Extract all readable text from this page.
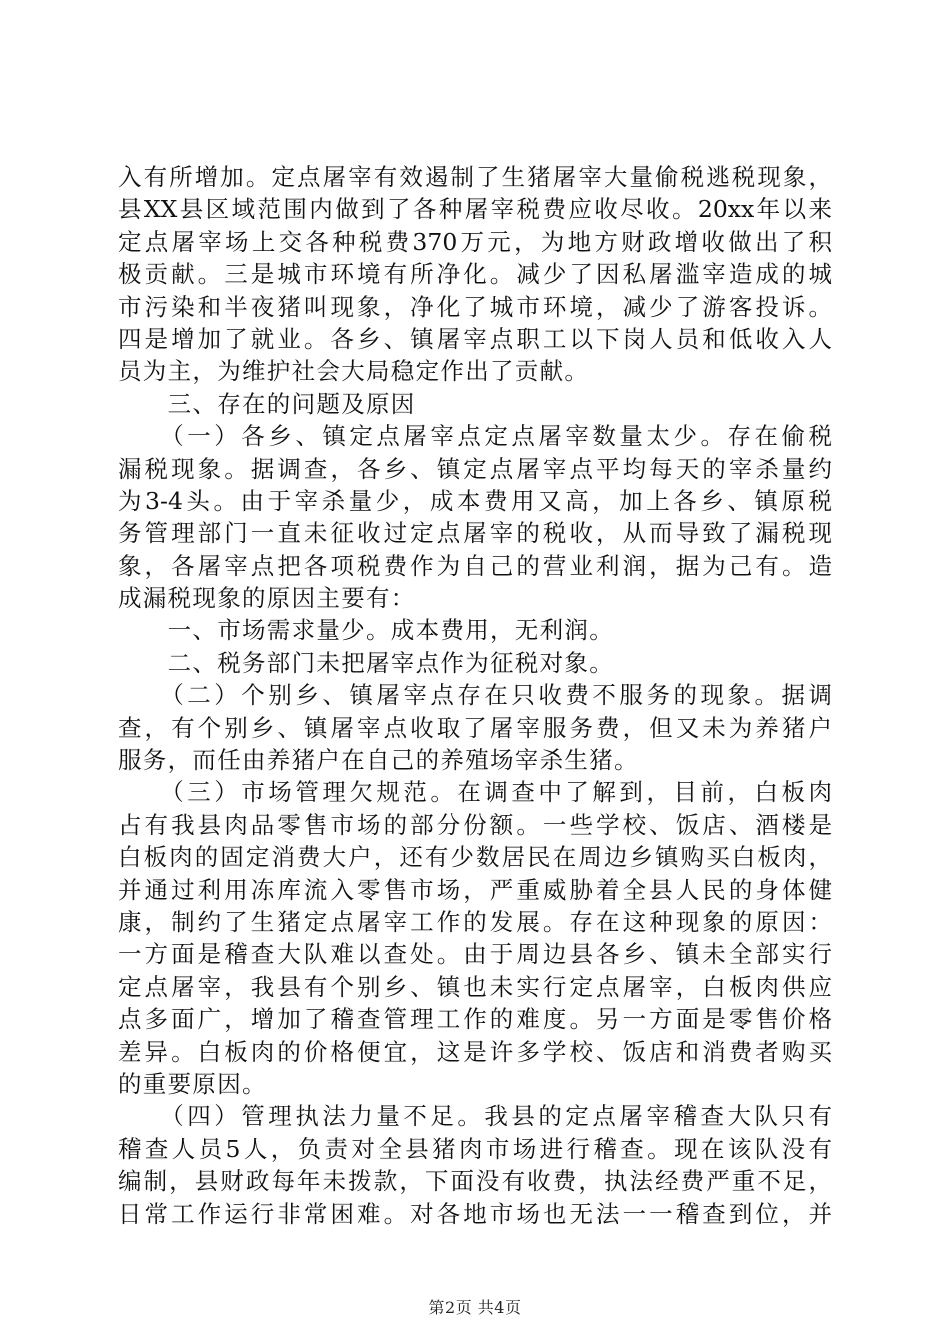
入有所增加。定点屠宰有效遏制了生猪屠宰大量偷税逃税现象，
县XX县区域范围内做到了各种屠宰税费应收尽收。20xx年以来
定点屠宰场上交各种税费370万元，为地方财政增收做出了积
极贡献。三是城市环境有所净化。减少了因私屠滥宰造成的城
市污染和半夜猪叫现象，净化了城市环境，减少了游客投诉。
四是增加了就业。各乡、镇屠宰点职工以下岗人员和低收入人
员为主，为维护社会大局稳定作出了贡献。
　　三、存在的问题及原因
　　（一）各乡、镇定点屠宰点定点屠宰数量太少。存在偷税
漏税现象。据调查，各乡、镇定点屠宰点平均每天的宰杀量约
为3-4头。由于宰杀量少，成本费用又高，加上各乡、镇原税
务管理部门一直未征收过定点屠宰的税收，从而导致了漏税现
象，各屠宰点把各项税费作为自己的营业利润，据为己有。造
成漏税现象的原因主要有：
　　一、市场需求量少。成本费用，无利润。
　　二、税务部门未把屠宰点作为征税对象。
　　（二）个别乡、镇屠宰点存在只收费不服务的现象。据调
查，有个别乡、镇屠宰点收取了屠宰服务费，但又未为养猪户
服务，而任由养猪户在自己的养殖场宰杀生猪。
　　（三）市场管理欠规范。在调查中了解到，目前，白板肉
占有我县肉品零售市场的部分份额。一些学校、饭店、酒楼是
白板肉的固定消费大户，还有少数居民在周边乡镇购买白板肉，
并通过利用冻库流入零售市场，严重威胁着全县人民的身体健
康，制约了生猪定点屠宰工作的发展。存在这种现象的原因：
一方面是稽查大队难以查处。由于周边县各乡、镇未全部实行
定点屠宰，我县有个别乡、镇也未实行定点屠宰，白板肉供应
点多面广，增加了稽查管理工作的难度。另一方面是零售价格
差异。白板肉的价格便宜，这是许多学校、饭店和消费者购买
的重要原因。
　　（四）管理执法力量不足。我县的定点屠宰稽查大队只有
稽查人员5人，负责对全县猪肉市场进行稽查。现在该队没有
编制，县财政每年未拨款，下面没有收费，执法经费严重不足，
日常工作运行非常困难。对各地市场也无法一一稽查到位，并
第2页 共4页
